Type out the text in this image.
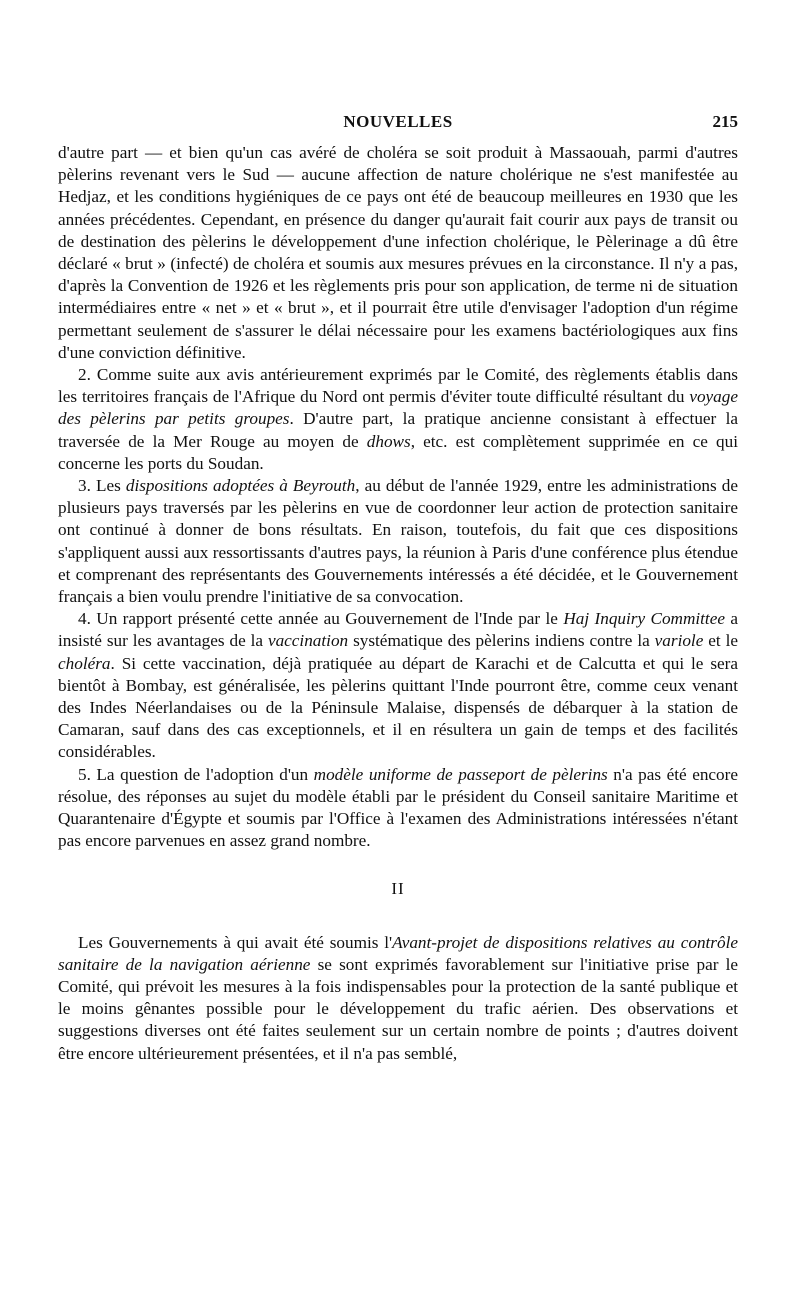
NOUVELLES	215

d'autre part — et bien qu'un cas avéré de choléra se soit produit à Massaouah, parmi d'autres pèlerins revenant vers le Sud — aucune affection de nature cholérique ne s'est manifestée au Hedjaz, et les conditions hygiéniques de ce pays ont été de beaucoup meilleures en 1930 que les années précédentes. Cependant, en présence du danger qu'aurait fait courir aux pays de transit ou de destination des pèlerins le développement d'une infection cholérique, le Pèlerinage a dû être déclaré « brut » (infecté) de choléra et soumis aux mesures prévues en la circonstance. Il n'y a pas, d'après la Convention de 1926 et les règlements pris pour son application, de terme ni de situation intermédiaires entre « net » et « brut », et il pourrait être utile d'envisager l'adoption d'un régime permettant seulement de s'assurer le délai nécessaire pour les examens bactériologiques aux fins d'une conviction définitive.

2. Comme suite aux avis antérieurement exprimés par le Comité, des règlements établis dans les territoires français de l'Afrique du Nord ont permis d'éviter toute difficulté résultant du voyage des pèlerins par petits groupes. D'autre part, la pratique ancienne consistant à effectuer la traversée de la Mer Rouge au moyen de dhows, etc. est complètement supprimée en ce qui concerne les ports du Soudan.

3. Les dispositions adoptées à Beyrouth, au début de l'année 1929, entre les administrations de plusieurs pays traversés par les pèlerins en vue de coordonner leur action de protection sanitaire ont continué à donner de bons résultats. En raison, toutefois, du fait que ces dispositions s'appliquent aussi aux ressortissants d'autres pays, la réunion à Paris d'une conférence plus étendue et comprenant des représentants des Gouvernements intéressés a été décidée, et le Gouvernement français a bien voulu prendre l'initiative de sa convocation.

4. Un rapport présenté cette année au Gouvernement de l'Inde par le Haj Inquiry Committee a insisté sur les avantages de la vaccination systématique des pèlerins indiens contre la variole et le choléra. Si cette vaccination, déjà pratiquée au départ de Karachi et de Calcutta et qui le sera bientôt à Bombay, est généralisée, les pèlerins quittant l'Inde pourront être, comme ceux venant des Indes Néerlandaises ou de la Péninsule Malaise, dispensés de débarquer à la station de Camaran, sauf dans des cas exceptionnels, et il en résultera un gain de temps et des facilités considérables.

5. La question de l'adoption d'un modèle uniforme de passeport de pèlerins n'a pas été encore résolue, des réponses au sujet du modèle établi par le président du Conseil sanitaire Maritime et Quarantenaire d'Égypte et soumis par l'Office à l'examen des Administrations intéressées n'étant pas encore parvenues en assez grand nombre.

II

Les Gouvernements à qui avait été soumis l'Avant-projet de dispositions relatives au contrôle sanitaire de la navigation aérienne se sont exprimés favorablement sur l'initiative prise par le Comité, qui prévoit les mesures à la fois indispensables pour la protection de la santé publique et le moins gênantes possible pour le développement du trafic aérien. Des observations et suggestions diverses ont été faites seulement sur un certain nombre de points ; d'autres doivent être encore ultérieurement présentées, et il n'a pas semblé,
